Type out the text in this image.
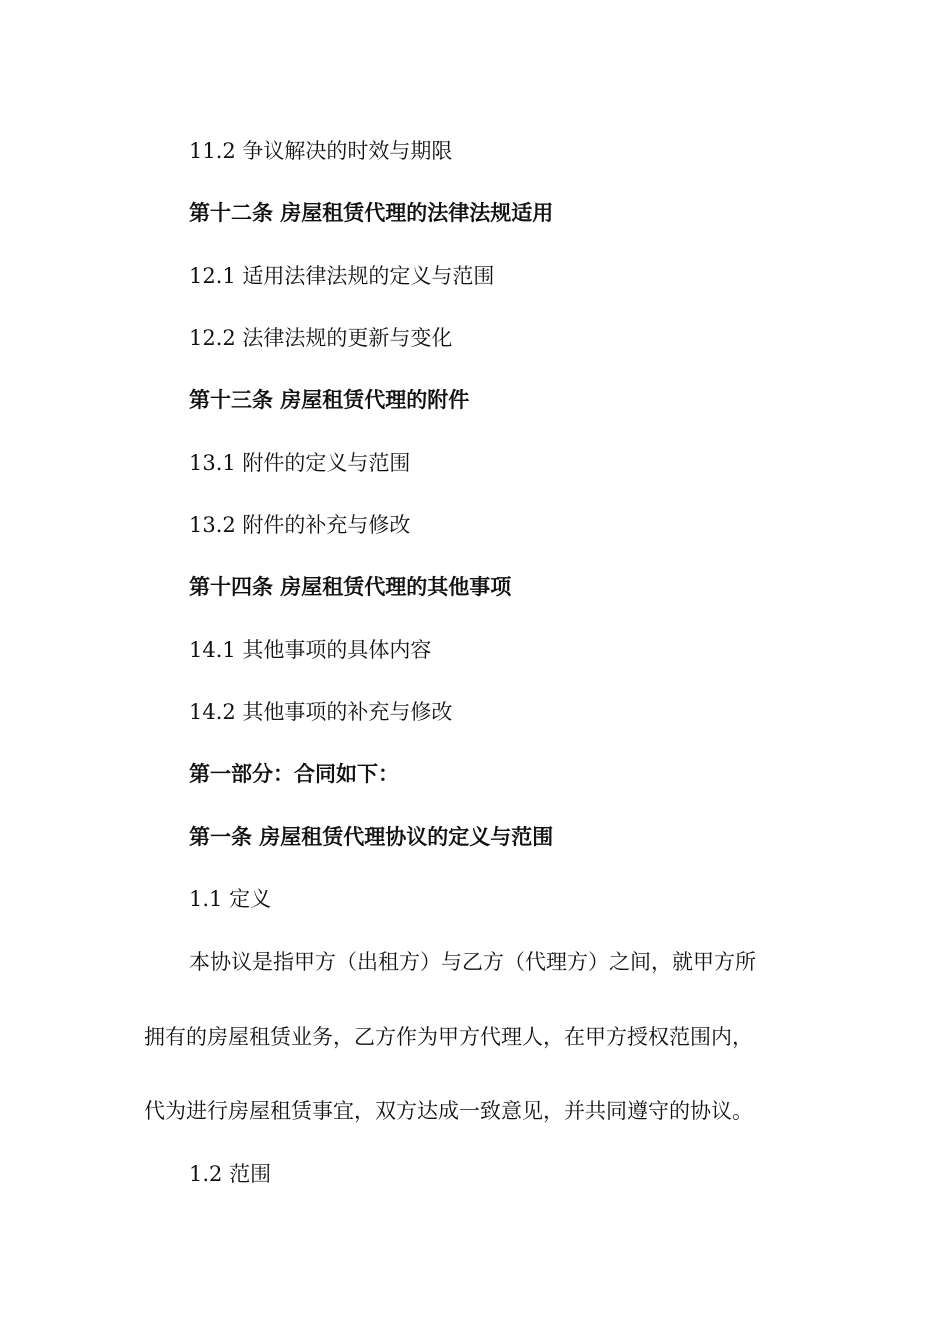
11.2 争议解决的时效与期限
第十二条 房屋租赁代理的法律法规适用
12.1 适用法律法规的定义与范围
12.2 法律法规的更新与变化
第十三条 房屋租赁代理的附件
13.1 附件的定义与范围
13.2 附件的补充与修改
第十四条 房屋租赁代理的其他事项
14.1 其他事项的具体内容
14.2 其他事项的补充与修改
第一部分：合同如下：
第一条 房屋租赁代理协议的定义与范围
1.1 定义
本协议是指甲方（出租方）与乙方（代理方）之间，就甲方所
拥有的房屋租赁业务，乙方作为甲方代理人，在甲方授权范围内，
代为进行房屋租赁事宜，双方达成一致意见，并共同遵守的协议。
1.2 范围
